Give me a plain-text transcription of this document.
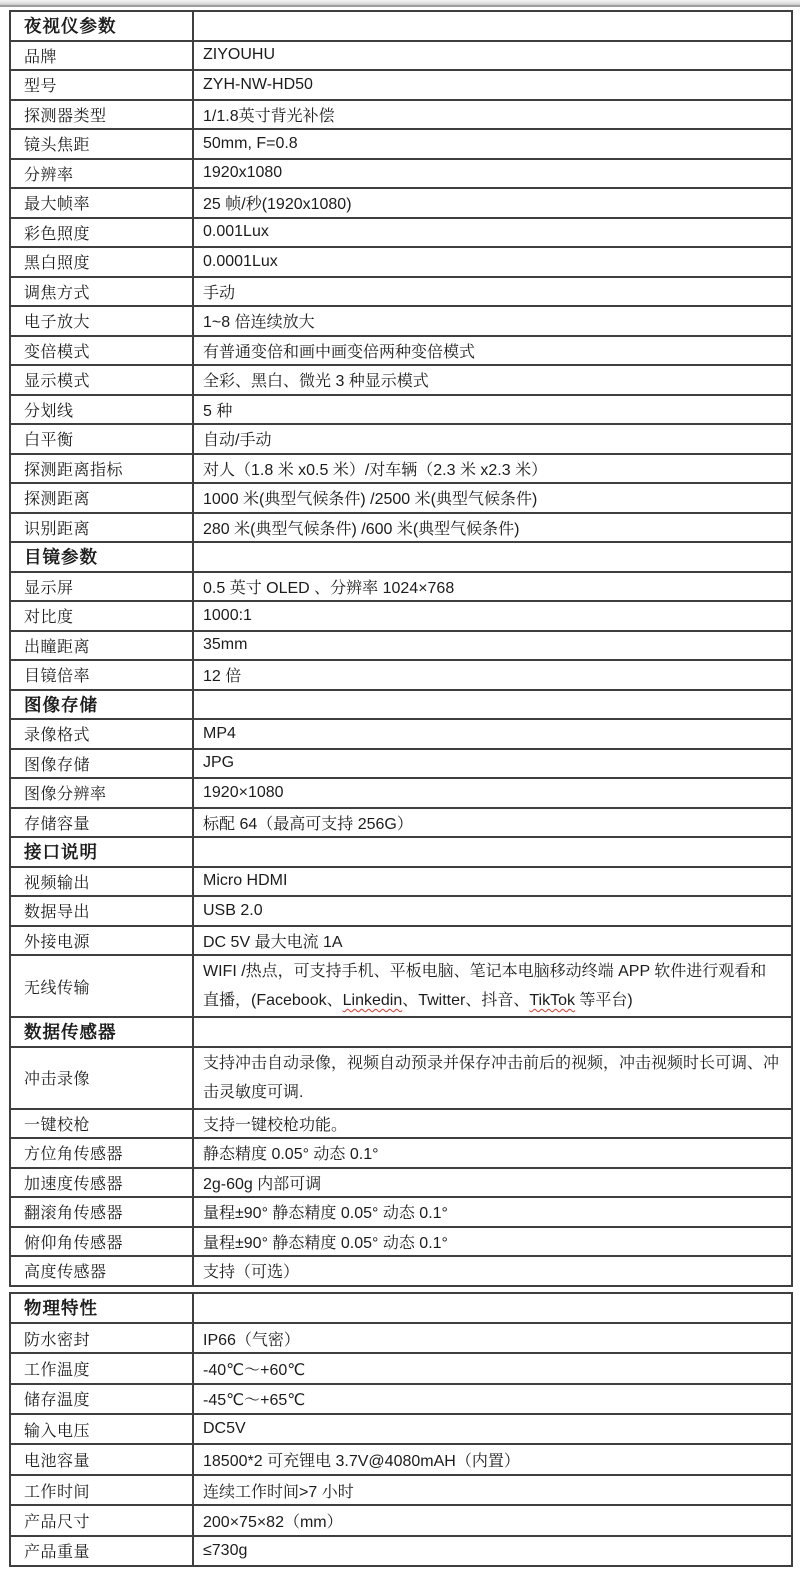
夜视仪参数	
品牌	ZIYOUHU
型号	ZYH-NW-HD50
探测器类型	1/1.8英寸背光补偿
镜头焦距	50mm, F=0.8
分辨率	1920x1080
最大帧率	25 帧/秒(1920x1080)
彩色照度	0.001Lux
黑白照度	0.0001Lux
调焦方式	手动
电子放大	1~8 倍连续放大
变倍模式	有普通变倍和画中画变倍两种变倍模式
显示模式	全彩、黑白、微光 3 种显示模式
分划线	5 种
白平衡	自动/手动
探测距离指标	对人（1.8 米 x0.5 米）/对车辆（2.3 米 x2.3 米）
探测距离	1000 米(典型气候条件) /2500 米(典型气候条件)
识别距离	280 米(典型气候条件) /600 米(典型气候条件)
目镜参数	
显示屏	0.5 英寸 OLED 、分辨率 1024×768
对比度	1000:1
出瞳距离	35mm
目镜倍率	12 倍
图像存储	
录像格式	MP4
图像存储	JPG
图像分辨率	1920×1080
存储容量	标配 64（最高可支持 256G）
接口说明	
视频输出	Micro HDMI
数据导出	USB 2.0
外接电源	DC 5V 最大电流 1A
无线传输	WIFI /热点，可支持手机、平板电脑、笔记本电脑移动终端 APP 软件进行观看和直播，(Facebook、Linkedin、Twitter、抖音、TikTok 等平台)
数据传感器	
冲击录像	支持冲击自动录像，视频自动预录并保存冲击前后的视频，冲击视频时长可调、冲击灵敏度可调.
一键校枪	支持一键校枪功能。
方位角传感器	静态精度 0.05° 动态 0.1°
加速度传感器	2g-60g 内部可调
翻滚角传感器	量程±90° 静态精度 0.05° 动态 0.1°
俯仰角传感器	量程±90° 静态精度 0.05° 动态 0.1°
高度传感器	支持（可选）
物理特性	
防水密封	IP66（气密）
工作温度	-40℃～+60℃
储存温度	-45℃～+65℃
输入电压	DC5V
电池容量	18500*2 可充锂电 3.7V@4080mAH（内置）
工作时间	连续工作时间>7 小时
产品尺寸	200×75×82（mm）
产品重量	≤730g
